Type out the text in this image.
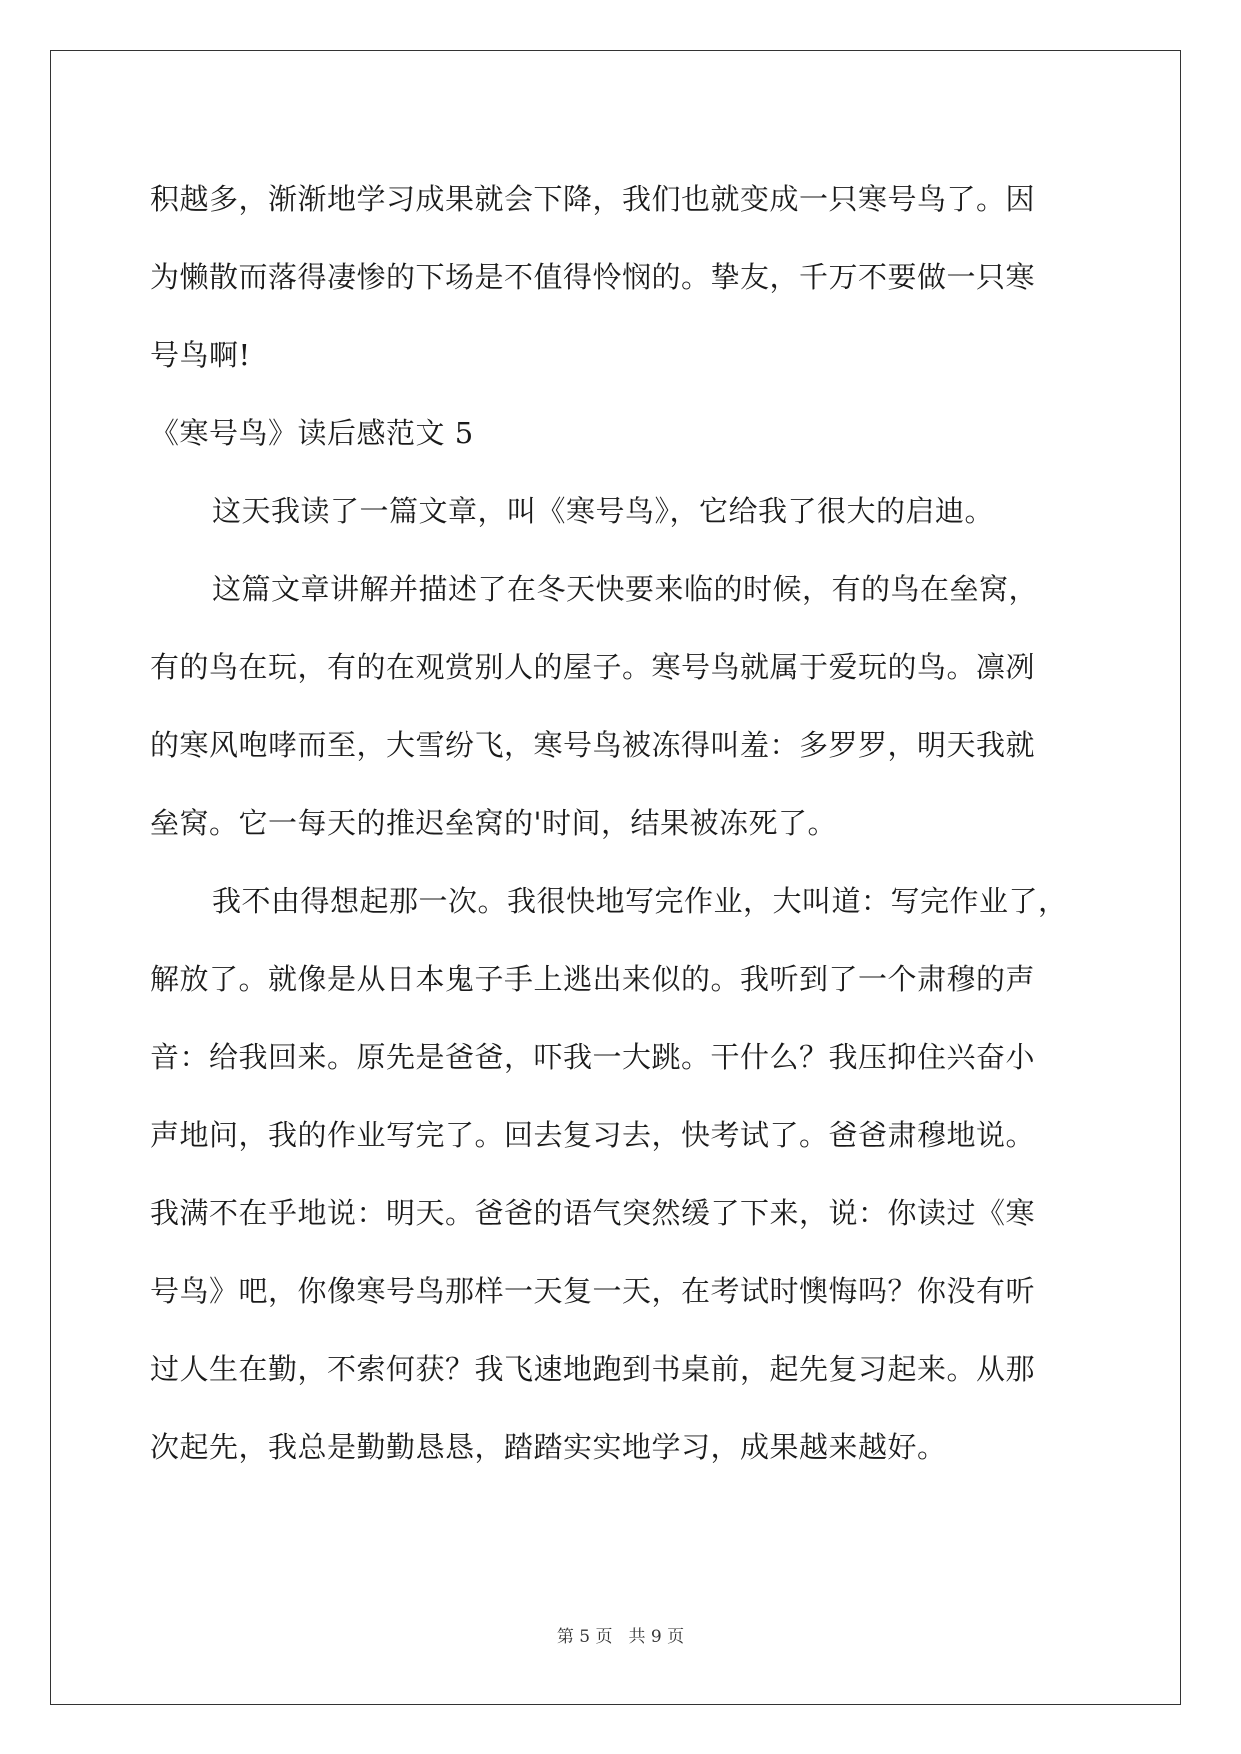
积越多，渐渐地学习成果就会下降，我们也就变成一只寒号鸟了。因
为懒散而落得凄惨的下场是不值得怜悯的。挚友，千万不要做一只寒
号鸟啊!
《寒号鸟》读后感范文 5
这天我读了一篇文章，叫《寒号鸟》，它给我了很大的启迪。
这篇文章讲解并描述了在冬天快要来临的时候，有的鸟在垒窝，
有的鸟在玩，有的在观赏别人的屋子。寒号鸟就属于爱玩的鸟。凛冽
的寒风咆哮而至，大雪纷飞，寒号鸟被冻得叫羞：多罗罗，明天我就
垒窝。它一每天的推迟垒窝的'时间，结果被冻死了。
我不由得想起那一次。我很快地写完作业，大叫道：写完作业了，
解放了。就像是从日本鬼子手上逃出来似的。我听到了一个肃穆的声
音：给我回来。原先是爸爸，吓我一大跳。干什么？我压抑住兴奋小
声地问，我的作业写完了。回去复习去，快考试了。爸爸肃穆地说。
我满不在乎地说：明天。爸爸的语气突然缓了下来，说：你读过《寒
号鸟》吧，你像寒号鸟那样一天复一天，在考试时懊悔吗？你没有听
过人生在勤，不索何获？我飞速地跑到书桌前，起先复习起来。从那
次起先，我总是勤勤恳恳，踏踏实实地学习，成果越来越好。
第 5 页 共 9 页
